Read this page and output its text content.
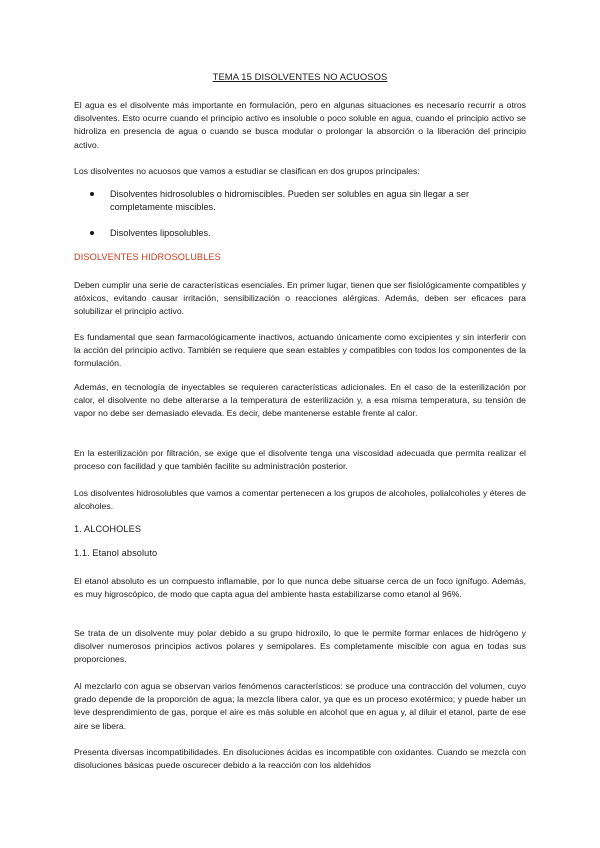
TEMA 15 DISOLVENTES NO ACUOSOS

El agua es el disolvente más importante en formulación, pero en algunas situaciones es necesario recurrir a otros disolventes. Esto ocurre cuando el principio activo es insoluble o poco soluble en agua, cuando el principio activo se hidroliza en presencia de agua o cuando se busca modular o prolongar la absorción o la liberación del principio activo.

Los disolventes no acuosos que vamos a estudiar se clasifican en dos grupos principales:

Disolventes hidrosolubles o hidromiscibles. Pueden ser solubles en agua sin llegar a ser completamente miscibles.
Disolventes liposolubles.
DISOLVENTES HIDROSOLUBLES

Deben cumplir una serie de características esenciales. En primer lugar, tienen que ser fisiológicamente compatibles y atóxicos, evitando causar irritación, sensibilización o reacciones alérgicas. Además, deben ser eficaces para solubilizar el principio activo.

Es fundamental que sean farmacológicamente inactivos, actuando únicamente como excipientes y sin interferir con la acción del principio activo. También se requiere que sean estables y compatibles con todos los componentes de la formulación.

Además, en tecnología de inyectables se requieren características adicionales. En el caso de la esterilización por calor, el disolvente no debe alterarse a la temperatura de esterilización y, a esa misma temperatura, su tensión de vapor no debe ser demasiado elevada. Es decir, debe mantenerse estable frente al calor.

En la esterilización por filtración, se exige que el disolvente tenga una viscosidad adecuada que permita realizar el proceso con facilidad y que también facilite su administración posterior.

Los disolventes hidrosolubles que vamos a comentar pertenecen a los grupos de alcoholes, polialcoholes y éteres de alcoholes.

1. ALCOHOLES
1.1. Etanol absoluto

El etanol absoluto es un compuesto inflamable, por lo que nunca debe situarse cerca de un foco ignífugo. Además, es muy higroscópico, de modo que capta agua del ambiente hasta estabilizarse como etanol al 96%.

Se trata de un disolvente muy polar debido a su grupo hidroxilo, lo que le permite formar enlaces de hidrógeno y disolver numerosos principios activos polares y semipolares. Es completamente miscible con agua en todas sus proporciones.

Al mezclarlo con agua se observan varios fenómenos característicos: se produce una contracción del volumen, cuyo grado depende de la proporción de agua; la mezcla libera calor, ya que es un proceso exotérmico; y puede haber un leve desprendimiento de gas, porque el aire es más soluble en alcohol que en agua y, al diluir el etanol, parte de ese aire se libera.

Presenta diversas incompatibilidades. En disoluciones ácidas es incompatible con oxidantes. Cuando se mezcla con disoluciones básicas puede oscurecer debido a la reacción con los aldehídos
